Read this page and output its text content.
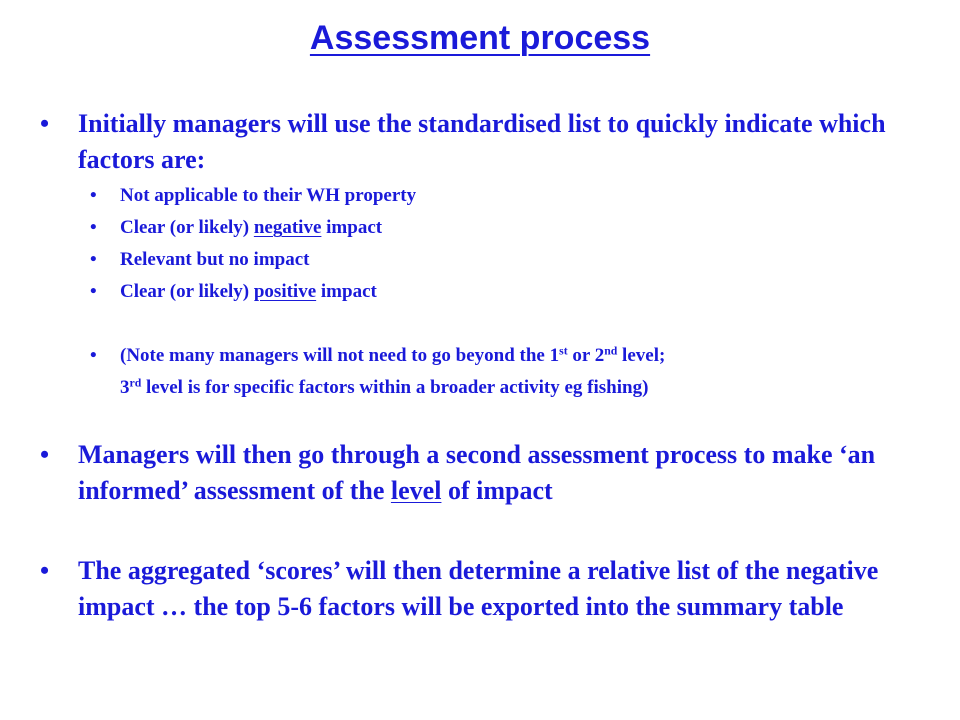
Assessment process
• Initially managers will use the standardised list to quickly indicate which factors are:
• Not applicable to their WH property
• Clear (or likely) negative impact
• Relevant but no impact
• Clear (or likely) positive impact
• (Note many managers will not need to go beyond the 1st or 2nd level;
3rd level is for specific factors within a broader activity eg fishing)
• Managers will then go through a second assessment process to make ‘an informed’ assessment of the level of impact
• The aggregated ‘scores’ will then determine a relative list of the negative impact … the top 5-6 factors will be exported into the summary table
